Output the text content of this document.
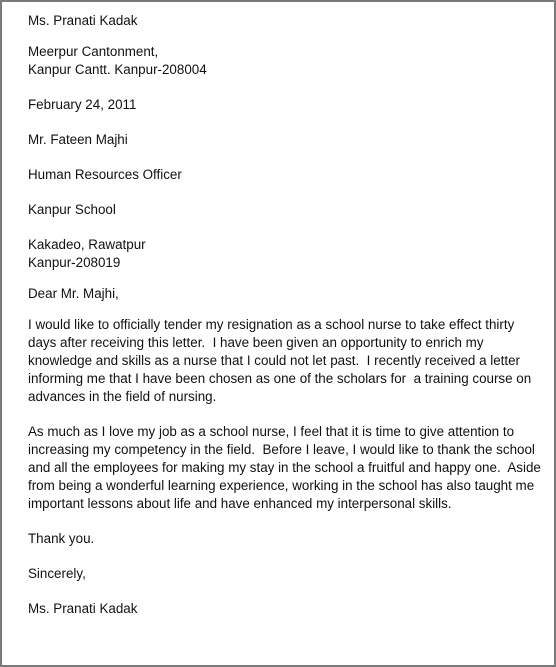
Ms. Pranati Kadak

Meerpur Cantonment,

Kanpur Cantt. Kanpur-208004

February 24, 2011

Mr. Fateen Majhi

Human Resources Officer

Kanpur School

Kakadeo, Rawatpur

Kanpur-208019

Dear Mr. Majhi,

I would like to officially tender my resignation as a school nurse to take effect thirty

days after receiving this letter.  I have been given an opportunity to enrich my

knowledge and skills as a nurse that I could not let past.  I recently received a letter

informing me that I have been chosen as one of the scholars for  a training course on

advances in the field of nursing.

As much as I love my job as a school nurse, I feel that it is time to give attention to

increasing my competency in the field.  Before I leave, I would like to thank the school

and all the employees for making my stay in the school a fruitful and happy one.  Aside

from being a wonderful learning experience, working in the school has also taught me

important lessons about life and have enhanced my interpersonal skills.

Thank you.

Sincerely,

Ms. Pranati Kadak
